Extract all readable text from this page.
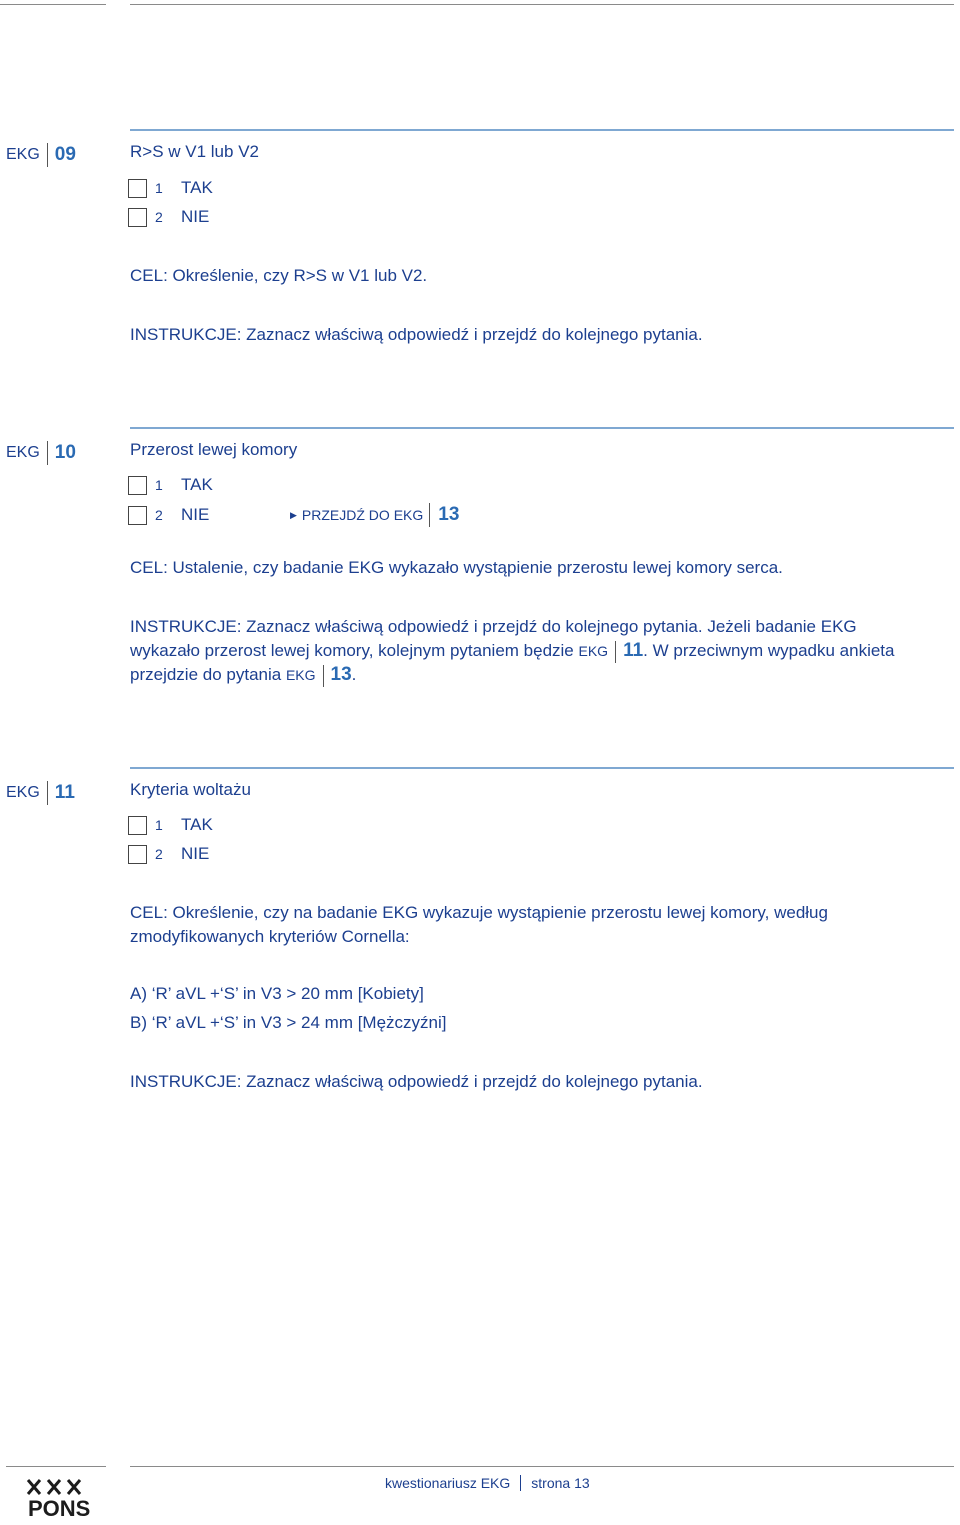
EKG 09	R>S w V1 lub V2
1	TAK
2	NIE
CEL: Określenie, czy R>S w V1 lub V2.
INSTRUKCJE: Zaznacz właściwą odpowiedź i przejdź do kolejnego pytania.
EKG 10	Przerost lewej komory
1	TAK
2	NIE	▶ PRZEJDŹ DO EKG 13
CEL: Ustalenie, czy badanie EKG wykazało wystąpienie przerostu lewej komory serca.
INSTRUKCJE: Zaznacz właściwą odpowiedź i przejdź do kolejnego pytania. Jeżeli badanie EKG wykazało przerost lewej komory, kolejnym pytaniem będzie EKG 11. W przeciwnym wypadku ankieta przejdzie do pytania EKG 13.
EKG 11	Kryteria woltażu
1	TAK
2	NIE
CEL: Określenie, czy na badanie EKG wykazuje wystąpienie przerostu lewej komory, według zmodyfikowanych kryteriów Cornella:
A) ‘R’ aVL +‘S’ in V3 > 20 mm [Kobiety]
B) ‘R’ aVL +‘S’ in V3 > 24 mm [Mężczyźni]
INSTRUKCJE: Zaznacz właściwą odpowiedź i przejdź do kolejnego pytania.
PONS
kwestionariusz EKG strona 13
